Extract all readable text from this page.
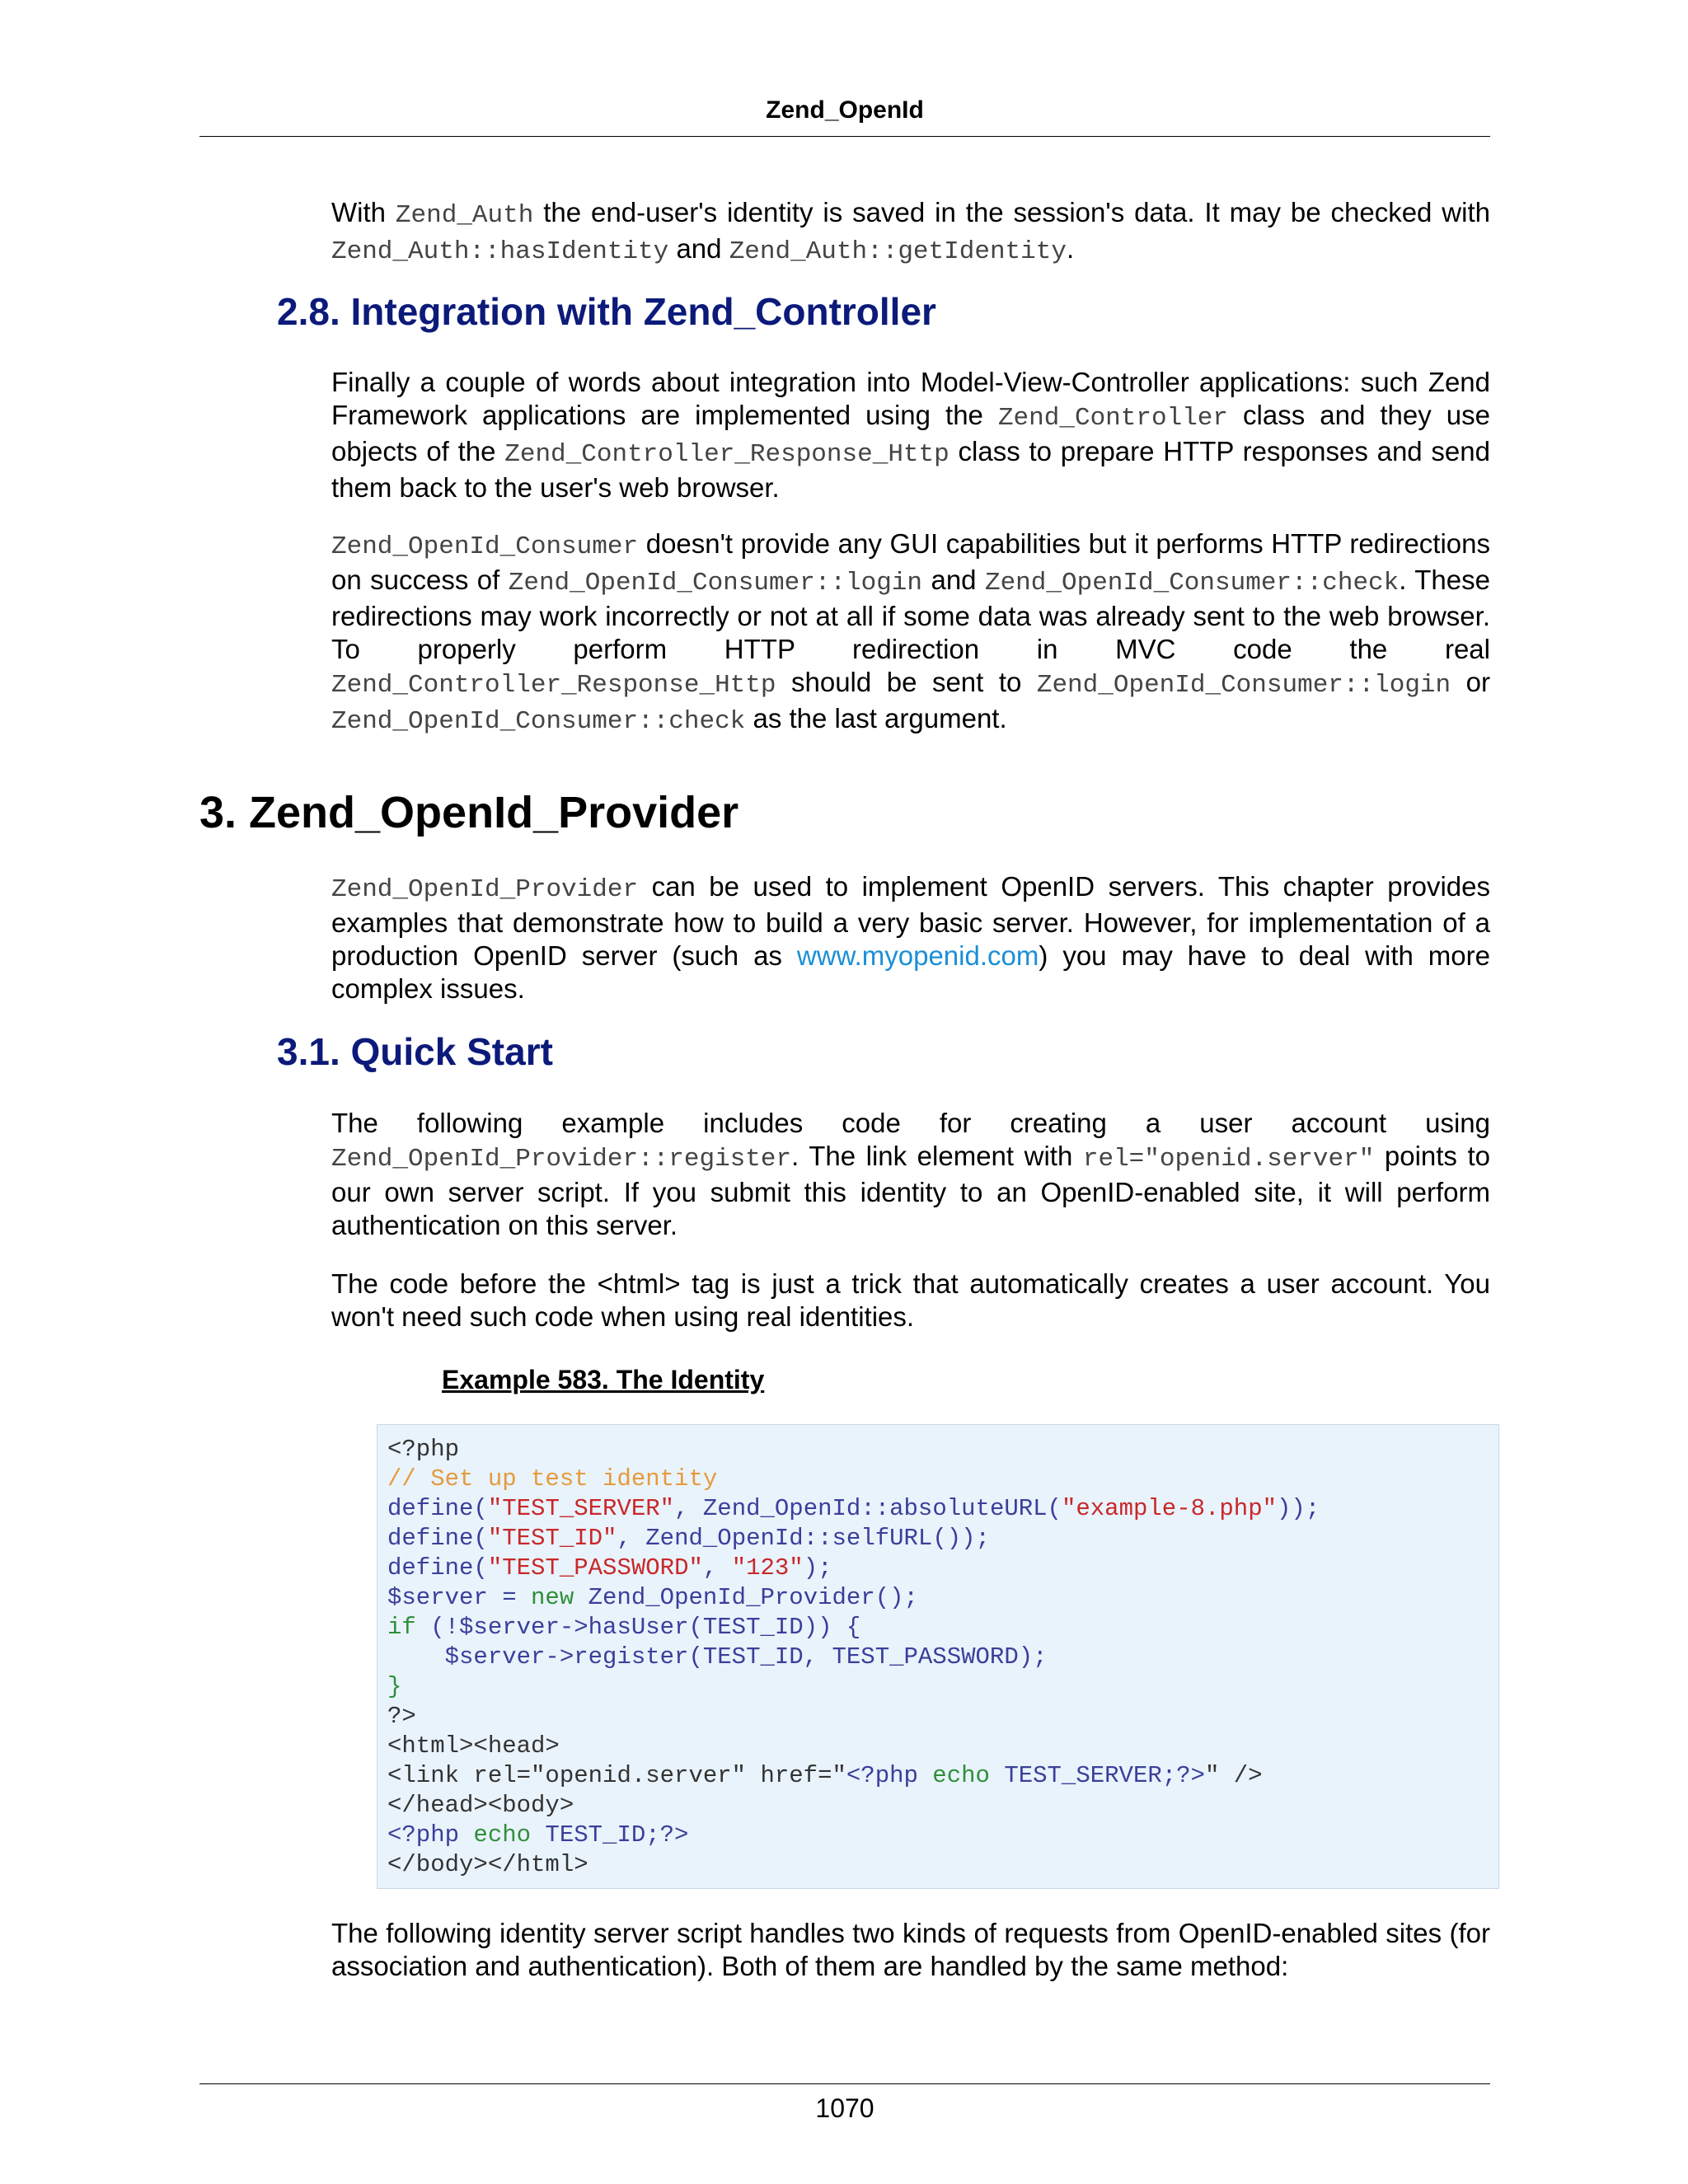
Zend_OpenId

With Zend_Auth the end-user's identity is saved in the session's data. It may be checked with Zend_Auth::hasIdentity and Zend_Auth::getIdentity.

2.8. Integration with Zend_Controller

Finally a couple of words about integration into Model-View-Controller applications: such Zend Framework applications are implemented using the Zend_Controller class and they use objects of the Zend_Controller_Response_Http class to prepare HTTP responses and send them back to the user's web browser.

Zend_OpenId_Consumer doesn't provide any GUI capabilities but it performs HTTP redirections on success of Zend_OpenId_Consumer::login and Zend_OpenId_Consumer::check. These redirections may work incorrectly or not at all if some data was already sent to the web browser. To properly perform HTTP redirection in MVC code the real Zend_Controller_Response_Http should be sent to Zend_OpenId_Consumer::login or Zend_OpenId_Consumer::check as the last argument.

3. Zend_OpenId_Provider

Zend_OpenId_Provider can be used to implement OpenID servers. This chapter provides examples that demonstrate how to build a very basic server. However, for implementation of a production OpenID server (such as www.myopenid.com) you may have to deal with more complex issues.

3.1. Quick Start

The following example includes code for creating a user account using Zend_OpenId_Provider::register. The link element with rel="openid.server" points to our own server script. If you submit this identity to an OpenID-enabled site, it will perform authentication on this server.

The code before the <html> tag is just a trick that automatically creates a user account. You won't need such code when using real identities.

Example 583. The Identity
<?php
// Set up test identity
define("TEST_SERVER", Zend_OpenId::absoluteURL("example-8.php"));
define("TEST_ID", Zend_OpenId::selfURL());
define("TEST_PASSWORD", "123");
$server = new Zend_OpenId_Provider();
if (!$server->hasUser(TEST_ID)) {
$server->register(TEST_ID, TEST_PASSWORD);
}
?>
<html><head>
<link rel="openid.server" href="<?php echo TEST_SERVER;?>" />
</head><body>
<?php echo TEST_ID;?>
</body></html>

The following identity server script handles two kinds of requests from OpenID-enabled sites (for association and authentication). Both of them are handled by the same method:

1070
